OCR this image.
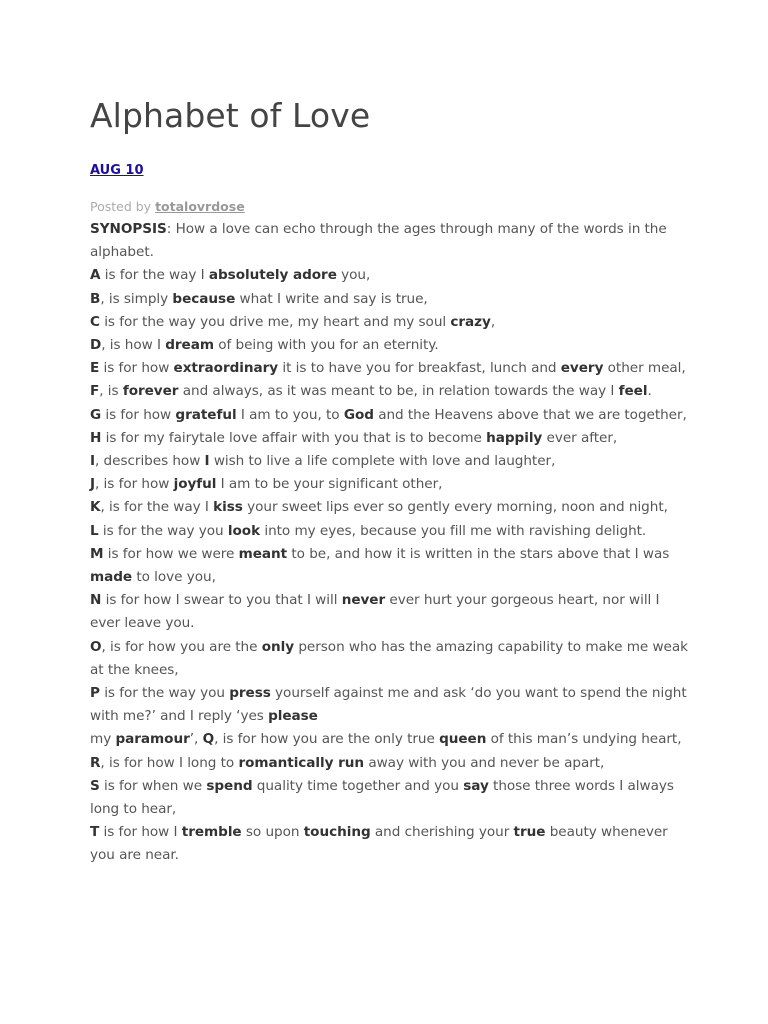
Alphabet of Love
AUG 10
Posted by totalovrdose

SYNOPSIS: How a love can echo through the ages through many of the words in the alphabet.

A is for the way I absolutely adore you,

B, is simply because what I write and say is true,

C is for the way you drive me, my heart and my soul crazy,

D, is how I dream of being with you for an eternity.

E is for how extraordinary it is to have you for breakfast, lunch and every other meal,

F, is forever and always, as it was meant to be, in relation towards the way I feel.

G is for how grateful I am to you, to God and the Heavens above that we are together,

H is for my fairytale love affair with you that is to become happily ever after,

I, describes how I wish to live a life complete with love and laughter,

J, is for how joyful I am to be your significant other,

K, is for the way I kiss your sweet lips ever so gently every morning, noon and night,

L is for the way you look into my eyes, because you fill me with ravishing delight.

M is for how we were meant to be, and how it is written in the stars above that I was made to love you,

N is for how I swear to you that I will never ever hurt your gorgeous heart, nor will I ever leave you.

O, is for how you are the only person who has the amazing capability to make me weak at the knees,

P is for the way you press yourself against me and ask ‘do you want to spend the night with me?’ and I reply ‘yes please

my paramour’, Q, is for how you are the only true queen of this man’s undying heart,

R, is for how I long to romantically run away with you and never be apart,

S is for when we spend quality time together and you say those three words I always long to hear,

T is for how I tremble so upon touching and cherishing your true beauty whenever you are near.
